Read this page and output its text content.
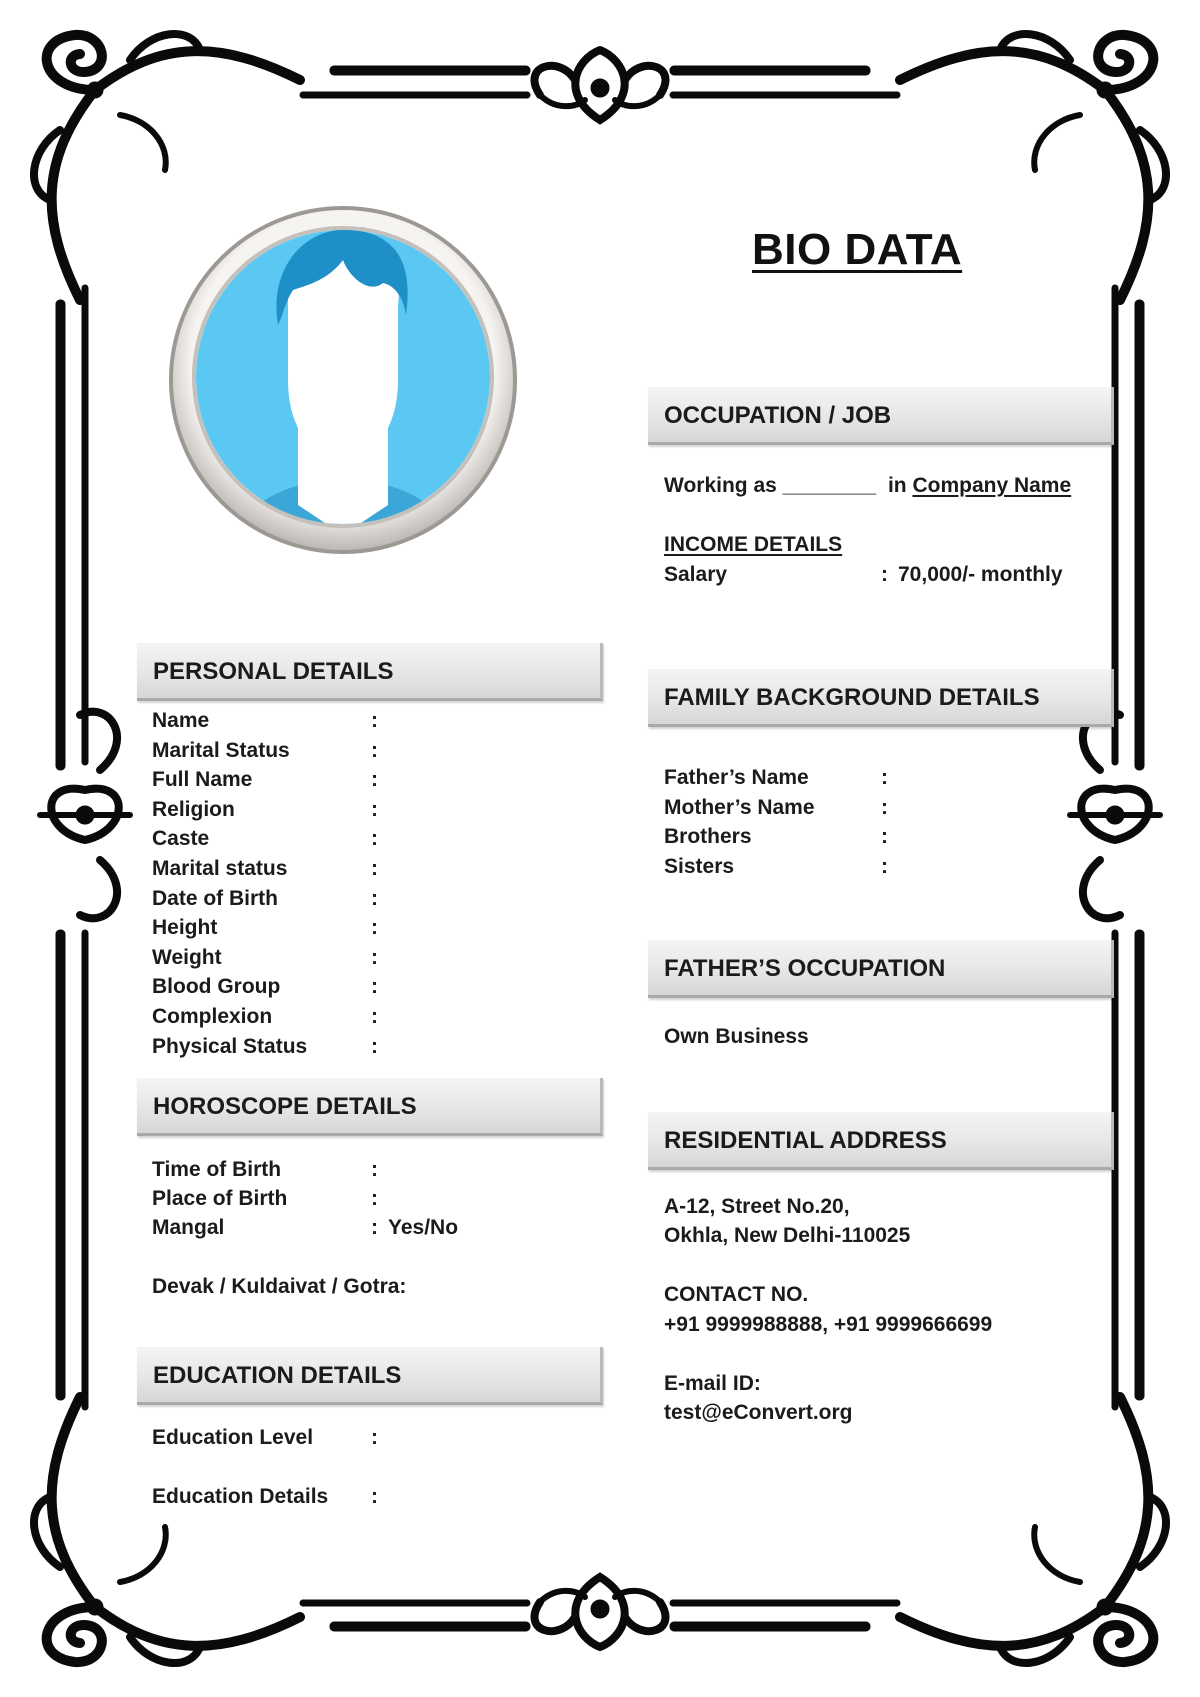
BIO DATA
PERSONAL DETAILS
Name	:
Marital Status	:
Full Name	:
Religion	:
Caste	:
Marital status	:
Date of Birth	:
Height	:
Weight	:
Blood Group	:
Complexion	:
Physical Status	:
HOROSCOPE DETAILS
Time of Birth	:
Place of Birth	:
Mangal	: Yes/No
Devak / Kuldaivat / Gotra:
EDUCATION DETAILS
Education Level	:
Education Details :
OCCUPATION / JOB
Working as ________ in Company Name
INCOME DETAILS
Salary	: 70,000/- monthly
FAMILY BACKGROUND DETAILS
Father’s Name	:
Mother’s Name	:
Brothers	:
Sisters	:
FATHER’S OCCUPATION
Own Business
RESIDENTIAL ADDRESS
A-12, Street No.20,
Okhla, New Delhi-110025
CONTACT NO.
+91 9999988888, +91 9999666699
E-mail ID:
test@eConvert.org
